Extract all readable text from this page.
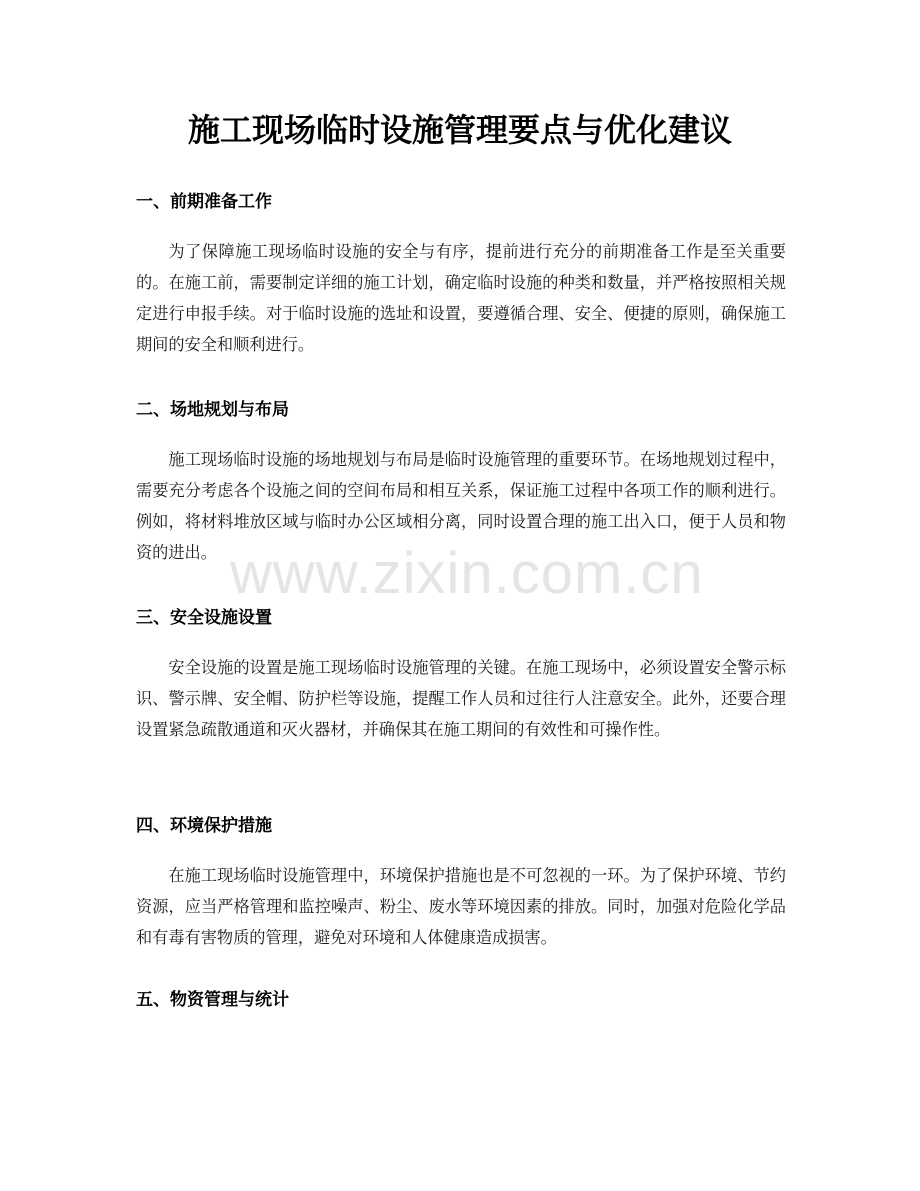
施工现场临时设施管理要点与优化建议
一、前期准备工作

为了保障施工现场临时设施的安全与有序，提前进行充分的前期准备工作是至关重要的。在施工前，需要制定详细的施工计划，确定临时设施的种类和数量，并严格按照相关规定进行申报手续。对于临时设施的选址和设置，要遵循合理、安全、便捷的原则，确保施工期间的安全和顺利进行。

二、场地规划与布局

施工现场临时设施的场地规划与布局是临时设施管理的重要环节。在场地规划过程中，需要充分考虑各个设施之间的空间布局和相互关系，保证施工过程中各项工作的顺利进行。例如，将材料堆放区域与临时办公区域相分离，同时设置合理的施工出入口，便于人员和物资的进出。

三、安全设施设置

安全设施的设置是施工现场临时设施管理的关键。在施工现场中，必须设置安全警示标识、警示牌、安全帽、防护栏等设施，提醒工作人员和过往行人注意安全。此外，还要合理设置紧急疏散通道和灭火器材，并确保其在施工期间的有效性和可操作性。

四、环境保护措施

在施工现场临时设施管理中，环境保护措施也是不可忽视的一环。为了保护环境、节约资源，应当严格管理和监控噪声、粉尘、废水等环境因素的排放。同时，加强对危险化学品和有毒有害物质的管理，避免对环境和人体健康造成损害。

五、物资管理与统计
www.zixin.com.cn
